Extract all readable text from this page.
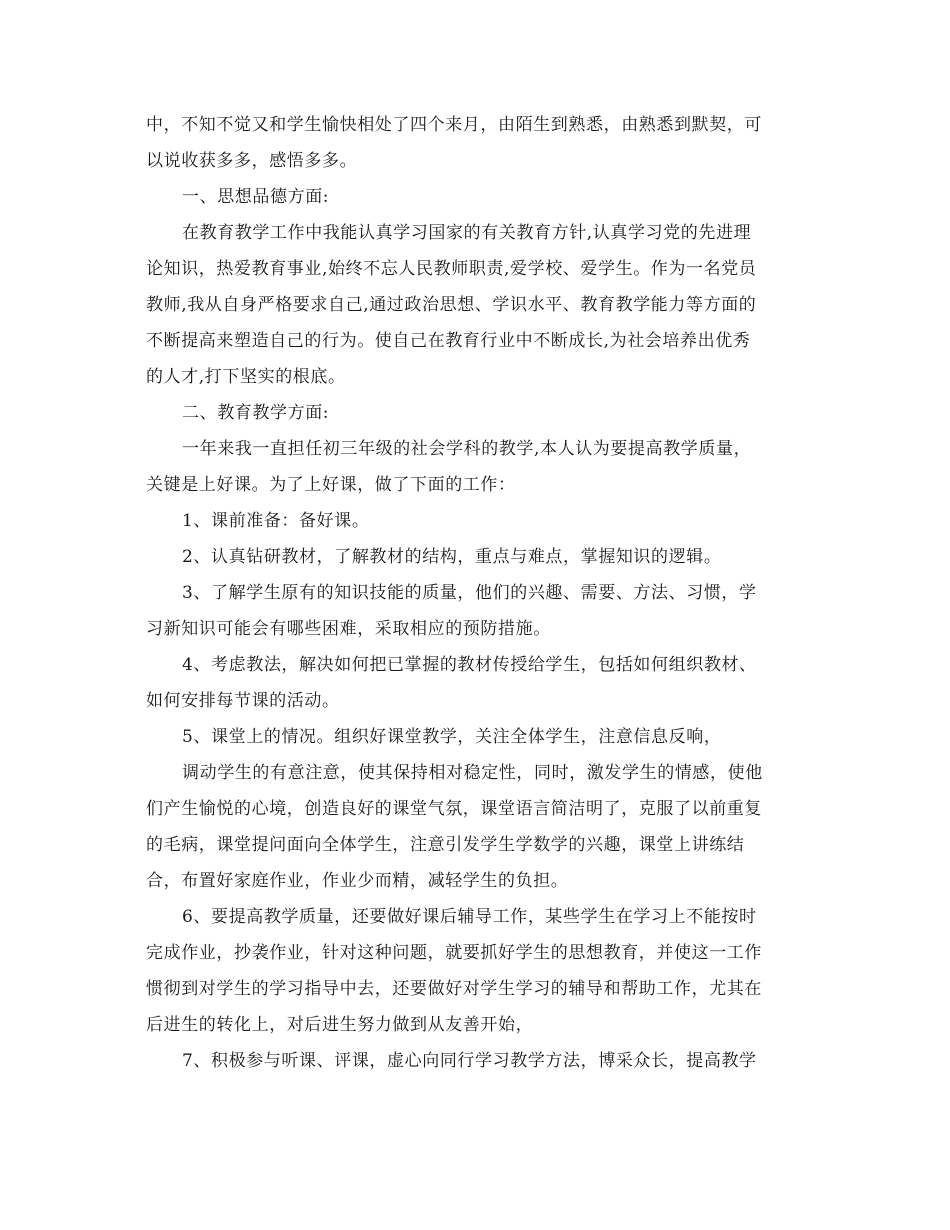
中，不知不觉又和学生愉快相处了四个来月，由陌生到熟悉，由熟悉到默契，可
以说收获多多，感悟多多。
一、思想品德方面:
在教育教学工作中我能认真学习国家的有关教育方针,认真学习党的先进理
论知识，热爱教育事业,始终不忘人民教师职责,爱学校、爱学生。作为一名党员
教师,我从自身严格要求自己,通过政治思想、学识水平、教育教学能力等方面的
不断提高来塑造自己的行为。使自己在教育行业中不断成长,为社会培养出优秀
的人才,打下坚实的根底。
二、教育教学方面:
一年来我一直担任初三年级的社会学科的教学,本人认为要提高教学质量，
关键是上好课。为了上好课，做了下面的工作：
1、课前准备：备好课。
2、认真钻研教材，了解教材的结构，重点与难点，掌握知识的逻辑。
3、了解学生原有的知识技能的质量，他们的兴趣、需要、方法、习惯，学
习新知识可能会有哪些困难，采取相应的预防措施。
4、考虑教法，解决如何把已掌握的教材传授给学生，包括如何组织教材、
如何安排每节课的活动。
5、课堂上的情况。组织好课堂教学，关注全体学生，注意信息反响，
调动学生的有意注意，使其保持相对稳定性，同时，激发学生的情感，使他
们产生愉悦的心境，创造良好的课堂气氛，课堂语言简洁明了，克服了以前重复
的毛病，课堂提问面向全体学生，注意引发学生学数学的兴趣，课堂上讲练结
合，布置好家庭作业，作业少而精，减轻学生的负担。
6、要提高教学质量，还要做好课后辅导工作，某些学生在学习上不能按时
完成作业，抄袭作业，针对这种问题，就要抓好学生的思想教育，并使这一工作
惯彻到对学生的学习指导中去，还要做好对学生学习的辅导和帮助工作，尤其在
后进生的转化上，对后进生努力做到从友善开始，
7、积极参与听课、评课，虚心向同行学习教学方法，博采众长，提高教学
